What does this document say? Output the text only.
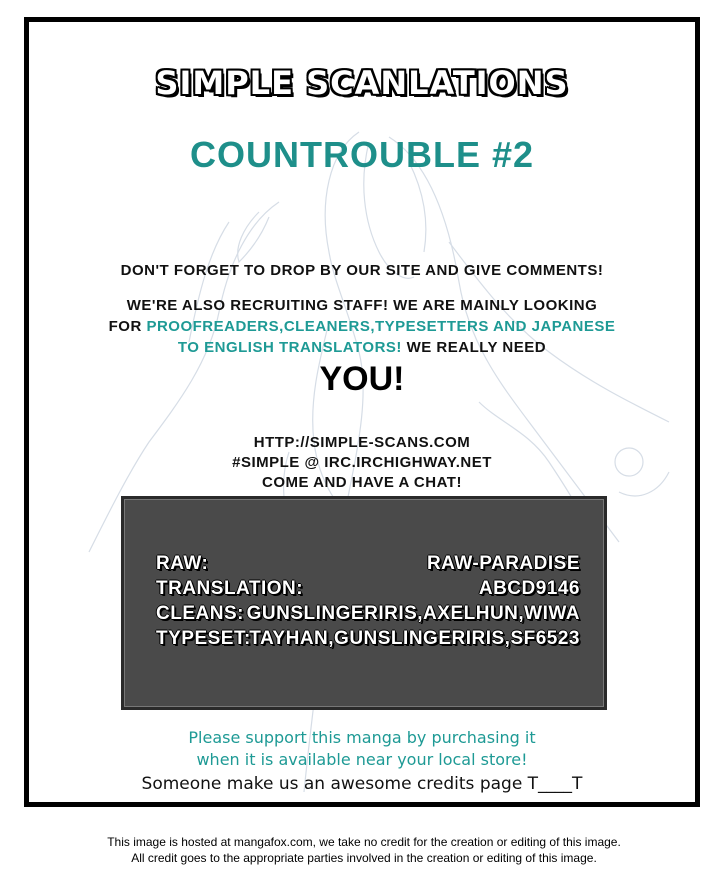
SIMPLE SCANLATIONS
COUNTROUBLE #2
DON'T FORGET TO DROP BY OUR SITE AND GIVE COMMENTS!
WE'RE ALSO RECRUITING STAFF! WE ARE MAINLY LOOKING
FOR PROOFREADERS,CLEANERS,TYPESETTERS AND JAPANESE
TO ENGLISH TRANSLATORS! WE REALLY NEED
YOU!
HTTP://SIMPLE-SCANS.COM
#SIMPLE @ IRC.IRCHIGHWAY.NET
COME AND HAVE A CHAT!
RAW:	RAW-PARADISE
TRANSLATION:	ABCD9146
CLEANS: GUNSLINGERIRIS,AXELHUN,WIWA
TYPESET:
TAYHAN,GUNSLINGERIRIS,SF6523
Please support this manga by purchasing it
when it is available near your local store!
Someone make us an awesome credits page T____T
This image is hosted at mangafox.com, we take no credit for the creation or editing of this image.
All credit goes to the appropriate parties involved in the creation or editing of this image.
